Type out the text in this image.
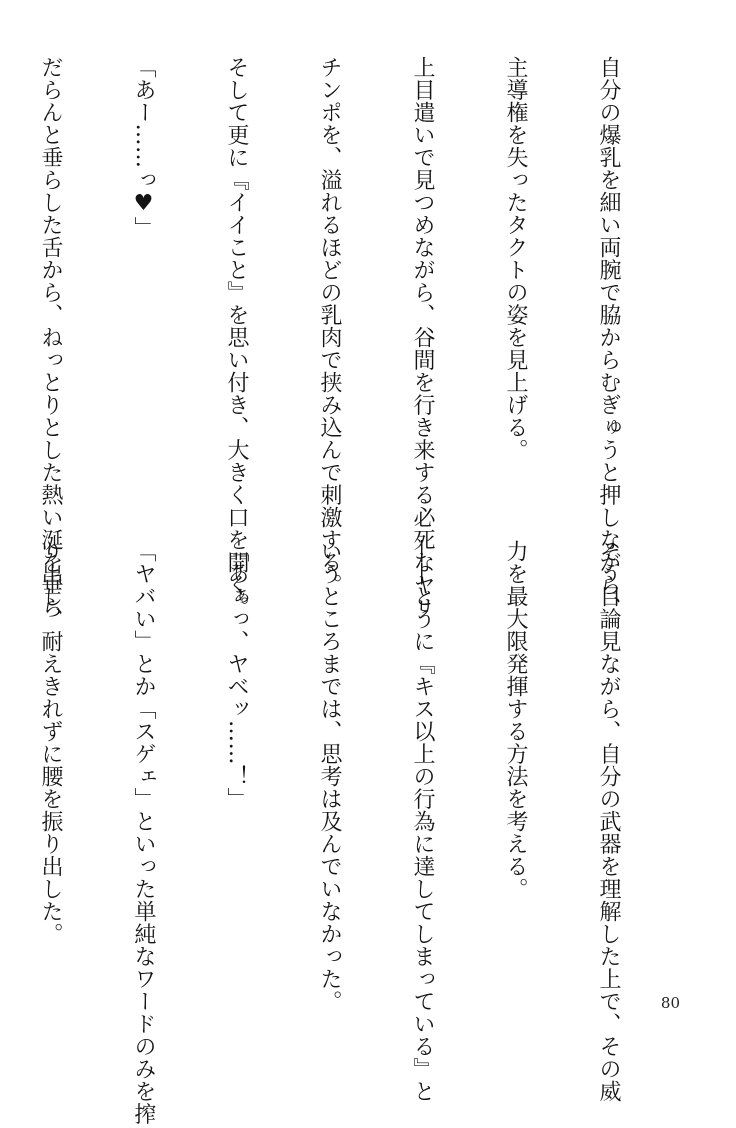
自分の爆乳を細い両腕で脇からむぎゅうと押しながら、

主導権を失ったタクトの姿を見上げる。

上目遣いで見つめながら、谷間を行き来する必死なヤリ

チンポを、溢れるほどの乳肉で挟み込んで刺激する。

そして更に『イイこと』を思い付き、大きく口を開く。

「あー……っ♥」

だらんと垂らした舌から、ねっとりとした熱い涎を垂ら

そう目論見ながら、自分の武器を理解した上で、その威

力を最大限発揮する方法を考える。

――とうに『キス以上の行為に達してしまっている』と

いうところまでは、思考は及んでいなかった。

「あぁっ、ヤベッ……！」

「ヤバい」とか「スゲェ」といった単純なワードのみを搾

り出し、耐えきれずに腰を振り出した。

80
